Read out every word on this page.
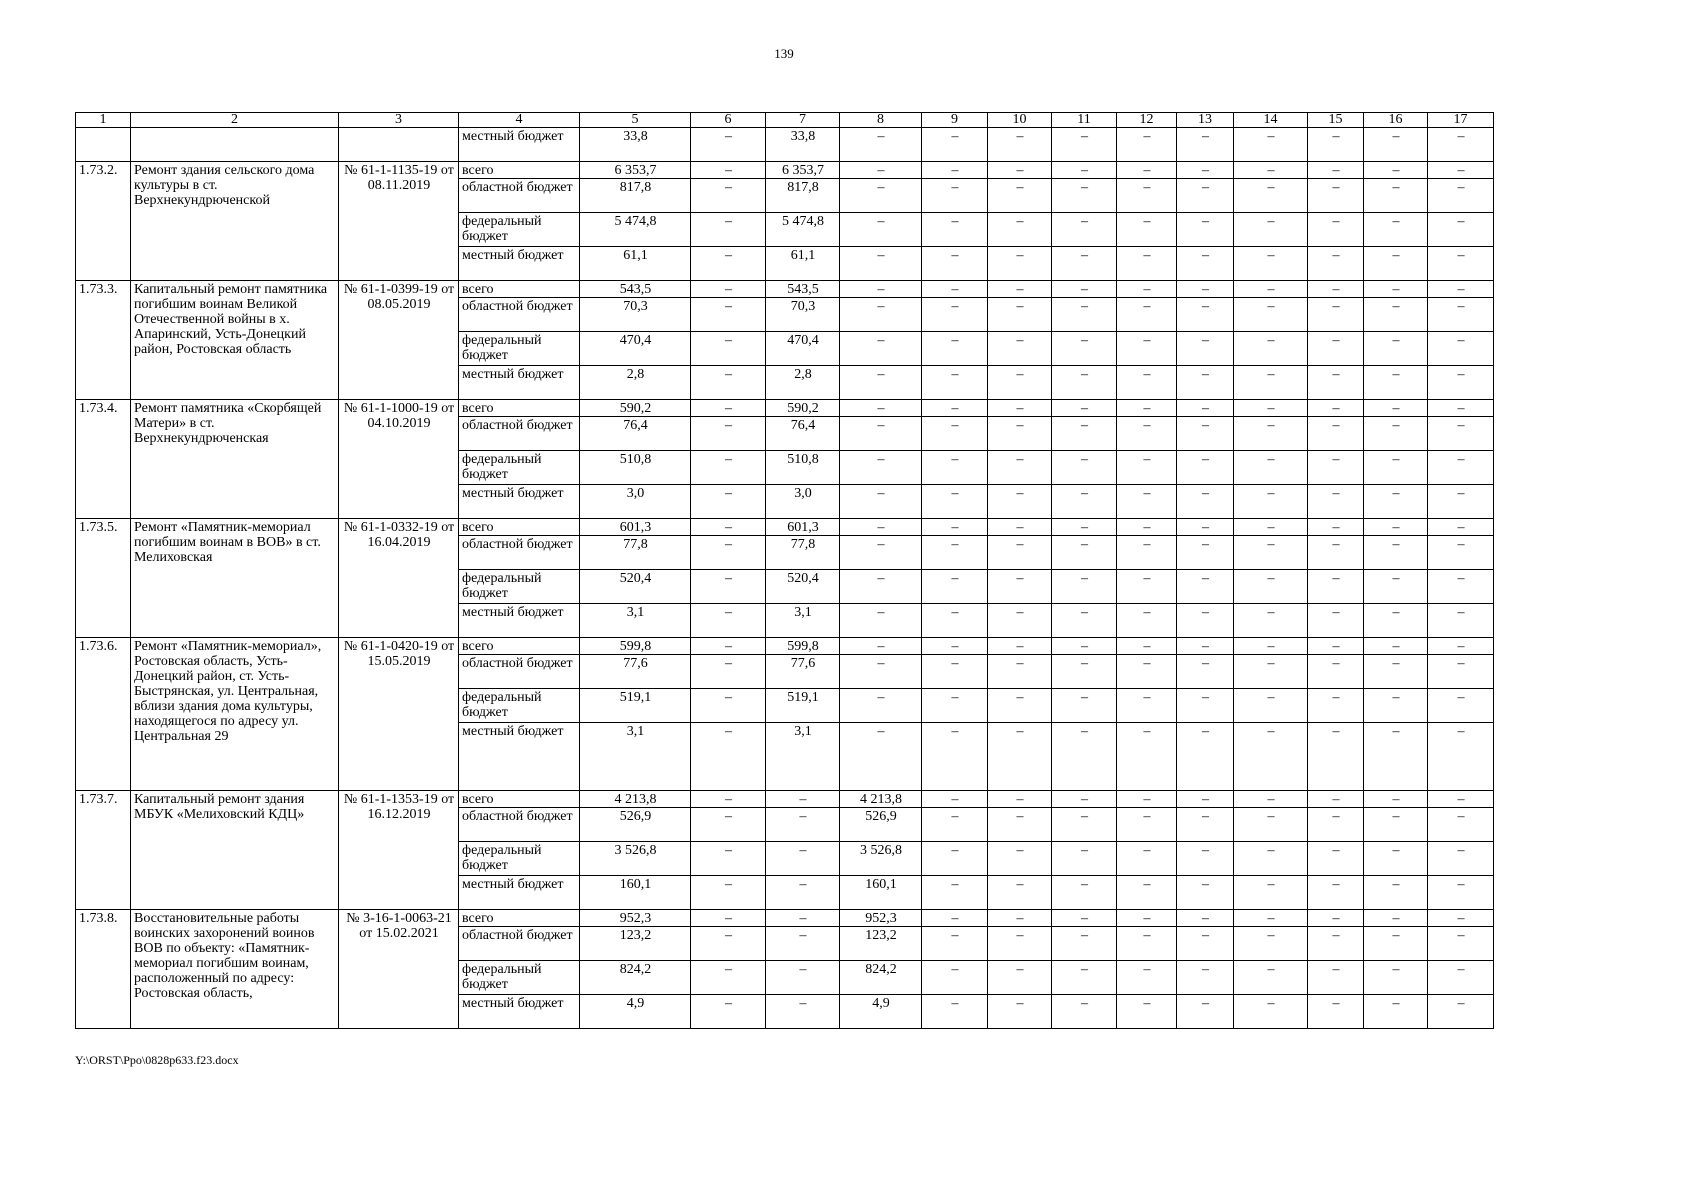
139
1	2	3	4	5	6	7	8	9	10	11	12	13	14	15	16	17
			местный бюджет	33,8	–	33,8	–	–	–	–	–	–	–	–	–	–
1.73.2.	Ремонт здания сельского дома культуры в ст. Верхнекундрюченской	№ 61-1-1135-19 от 08.11.2019	всего	6 353,7	–	6 353,7	–	–	–	–	–	–	–	–	–	–
			областной бюджет	817,8	–	817,8	–	–	–	–	–	–	–	–	–	–
			федеральный бюджет	5 474,8	–	5 474,8	–	–	–	–	–	–	–	–	–	–
			местный бюджет	61,1	–	61,1	–	–	–	–	–	–	–	–	–	–
1.73.3.	Капитальный ремонт памятника погибшим воинам Великой Отечественной войны в х. Апаринский, Усть-Донецкий район, Ростовская область	№ 61-1-0399-19 от 08.05.2019	всего	543,5	–	543,5	–	–	–	–	–	–	–	–	–	–
			областной бюджет	70,3	–	70,3	–	–	–	–	–	–	–	–	–	–
			федеральный бюджет	470,4	–	470,4	–	–	–	–	–	–	–	–	–	–
			местный бюджет	2,8	–	2,8	–	–	–	–	–	–	–	–	–	–
1.73.4.	Ремонт памятника «Скорбящей Матери» в ст. Верхнекундрюченская	№ 61-1-1000-19 от 04.10.2019	всего	590,2	–	590,2	–	–	–	–	–	–	–	–	–	–
			областной бюджет	76,4	–	76,4	–	–	–	–	–	–	–	–	–	–
			федеральный бюджет	510,8	–	510,8	–	–	–	–	–	–	–	–	–	–
			местный бюджет	3,0	–	3,0	–	–	–	–	–	–	–	–	–	–
1.73.5.	Ремонт «Памятник-мемориал погибшим воинам в ВОВ» в ст. Мелиховская	№ 61-1-0332-19 от 16.04.2019	всего	601,3	–	601,3	–	–	–	–	–	–	–	–	–	–
			областной бюджет	77,8	–	77,8	–	–	–	–	–	–	–	–	–	–
			федеральный бюджет	520,4	–	520,4	–	–	–	–	–	–	–	–	–	–
			местный бюджет	3,1	–	3,1	–	–	–	–	–	–	–	–	–	–
1.73.6.	Ремонт «Памятник-мемориал», Ростовская область, Усть-Донецкий район, ст. Усть-Быстрянская, ул. Центральная, вблизи здания дома культуры, находящегося по адресу ул. Центральная 29	№ 61-1-0420-19 от 15.05.2019	всего	599,8	–	599,8	–	–	–	–	–	–	–	–	–	–
			областной бюджет	77,6	–	77,6	–	–	–	–	–	–	–	–	–	–
			федеральный бюджет	519,1	–	519,1	–	–	–	–	–	–	–	–	–	–
			местный бюджет	3,1	–	3,1	–	–	–	–	–	–	–	–	–	–
1.73.7.	Капитальный ремонт здания МБУК «Мелиховский КДЦ»	№ 61-1-1353-19 от 16.12.2019	всего	4 213,8	–	–	4 213,8	–	–	–	–	–	–	–	–	–
			областной бюджет	526,9	–	–	526,9	–	–	–	–	–	–	–	–	–
			федеральный бюджет	3 526,8	–	–	3 526,8	–	–	–	–	–	–	–	–	–
			местный бюджет	160,1	–	–	160,1	–	–	–	–	–	–	–	–	–
1.73.8.	Восстановительные работы воинских захоронений воинов ВОВ по объекту: «Памятник-мемориал погибшим воинам, расположенный по адресу: Ростовская область,	№ 3-16-1-0063-21 от 15.02.2021	всего	952,3	–	–	952,3	–	–	–	–	–	–	–	–	–
			областной бюджет	123,2	–	–	123,2	–	–	–	–	–	–	–	–	–
			федеральный бюджет	824,2	–	–	824,2	–	–	–	–	–	–	–	–	–
			местный бюджет	4,9	–	–	4,9	–	–	–	–	–	–	–	–	–
Y:\ORST\Ppo\0828p633.f23.docx
